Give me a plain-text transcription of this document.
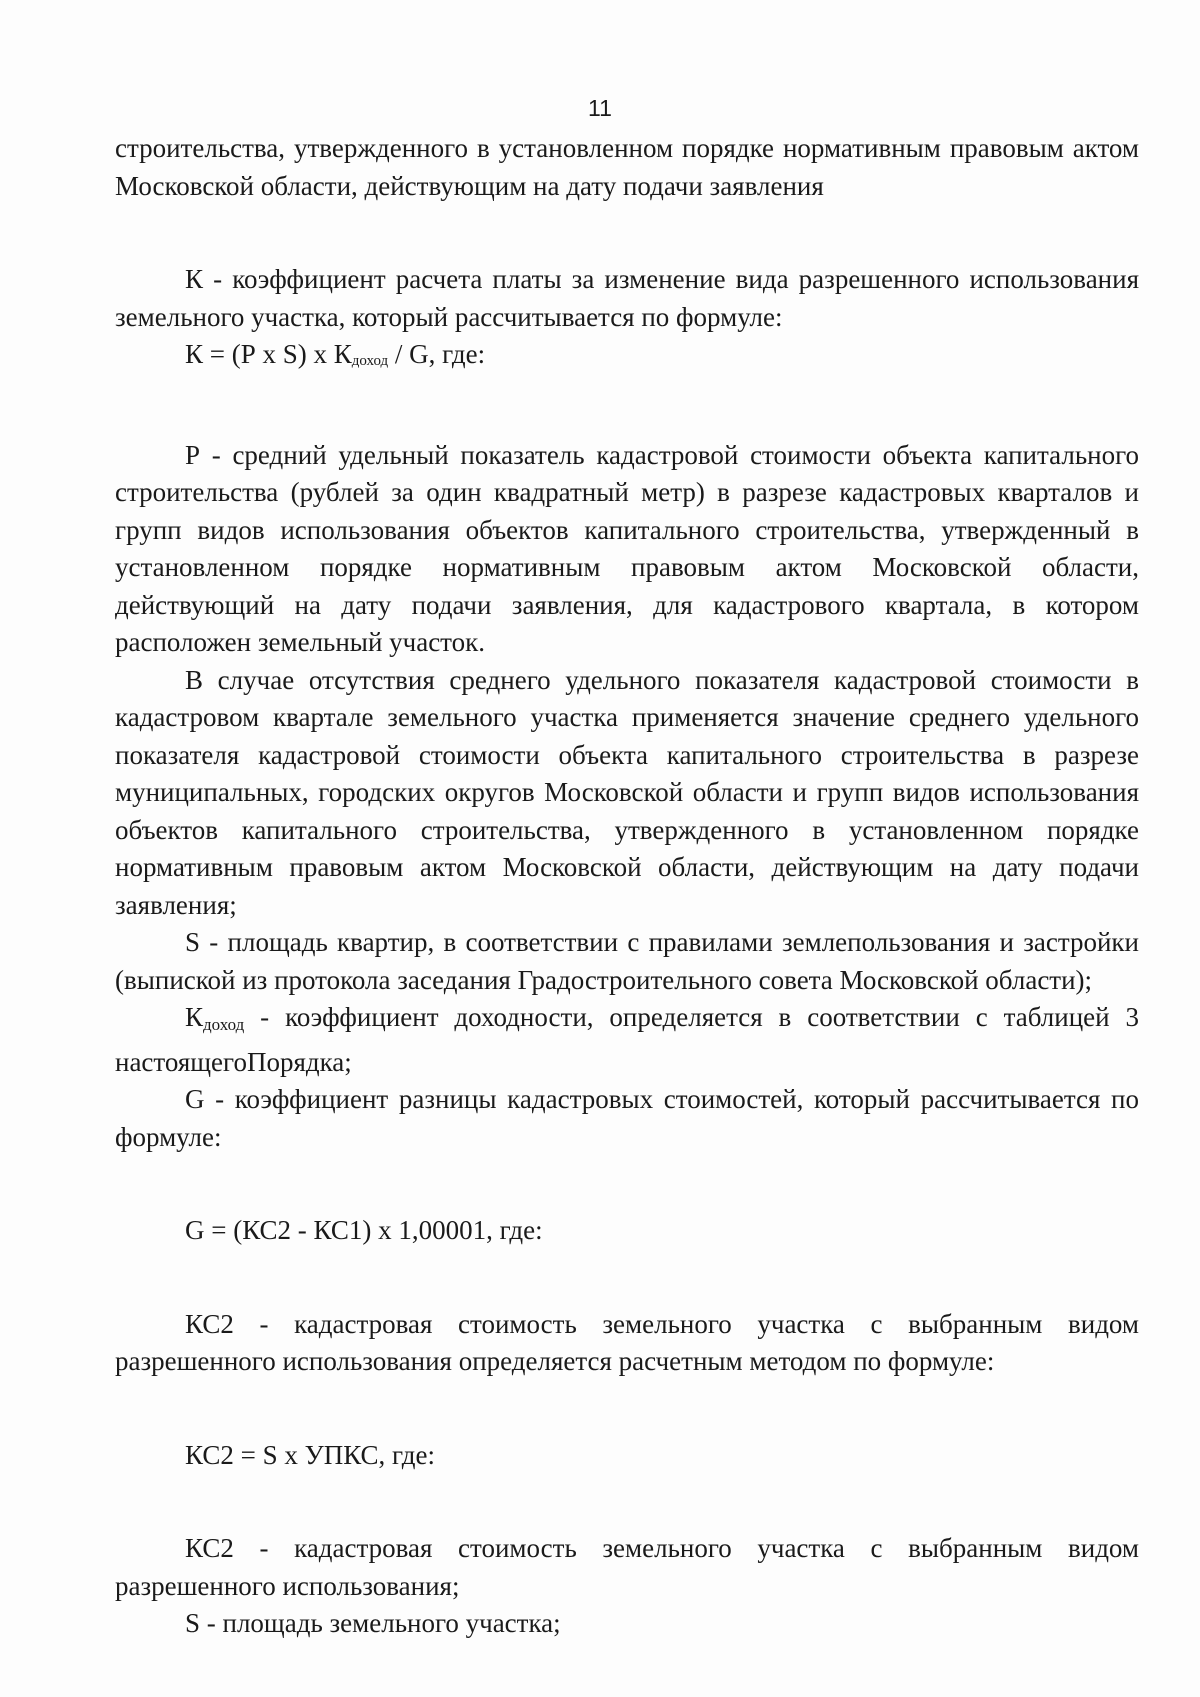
11

строительства, утвержденного в установленном порядке нормативным правовым актом Московской области, действующим на дату подачи заявления

К - коэффициент расчета платы за изменение вида разрешенного использования земельного участка, который рассчитывается по формуле:

К = (Р х S) х Кдоход / G, где:

Р - средний удельный показатель кадастровой стоимости объекта капитального строительства (рублей за один квадратный метр) в разрезе кадастровых кварталов и групп видов использования объектов капитального строительства, утвержденный в установленном порядке нормативным правовым актом Московской области, действующий на дату подачи заявления, для кадастрового квартала, в котором расположен земельный участок.

В случае отсутствия среднего удельного показателя кадастровой стоимости в кадастровом квартале земельного участка применяется значение среднего удельного показателя кадастровой стоимости объекта капитального строительства в разрезе муниципальных, городских округов Московской области и групп видов использования объектов капитального строительства, утвержденного в установленном порядке нормативным правовым актом Московской области, действующим на дату подачи заявления;

S - площадь квартир, в соответствии с правилами землепользования и застройки (выпиской из протокола заседания Градостроительного совета Московской области);

$К_{доход}$ - коэффициент доходности, определяется в соответствии с таблицей 3 настоящегоПорядка;

G - коэффициент разницы кадастровых стоимостей, который рассчитывается по формуле:

G = (КС2 - КС1) х 1,00001, где:

КС2 - кадастровая стоимость земельного участка с выбранным видом разрешенного использования определяется расчетным методом по формуле:

КС2 = S х УПКС, где:

КС2 - кадастровая стоимость земельного участка с выбранным видом разрешенного использования;

S - площадь земельного участка;
